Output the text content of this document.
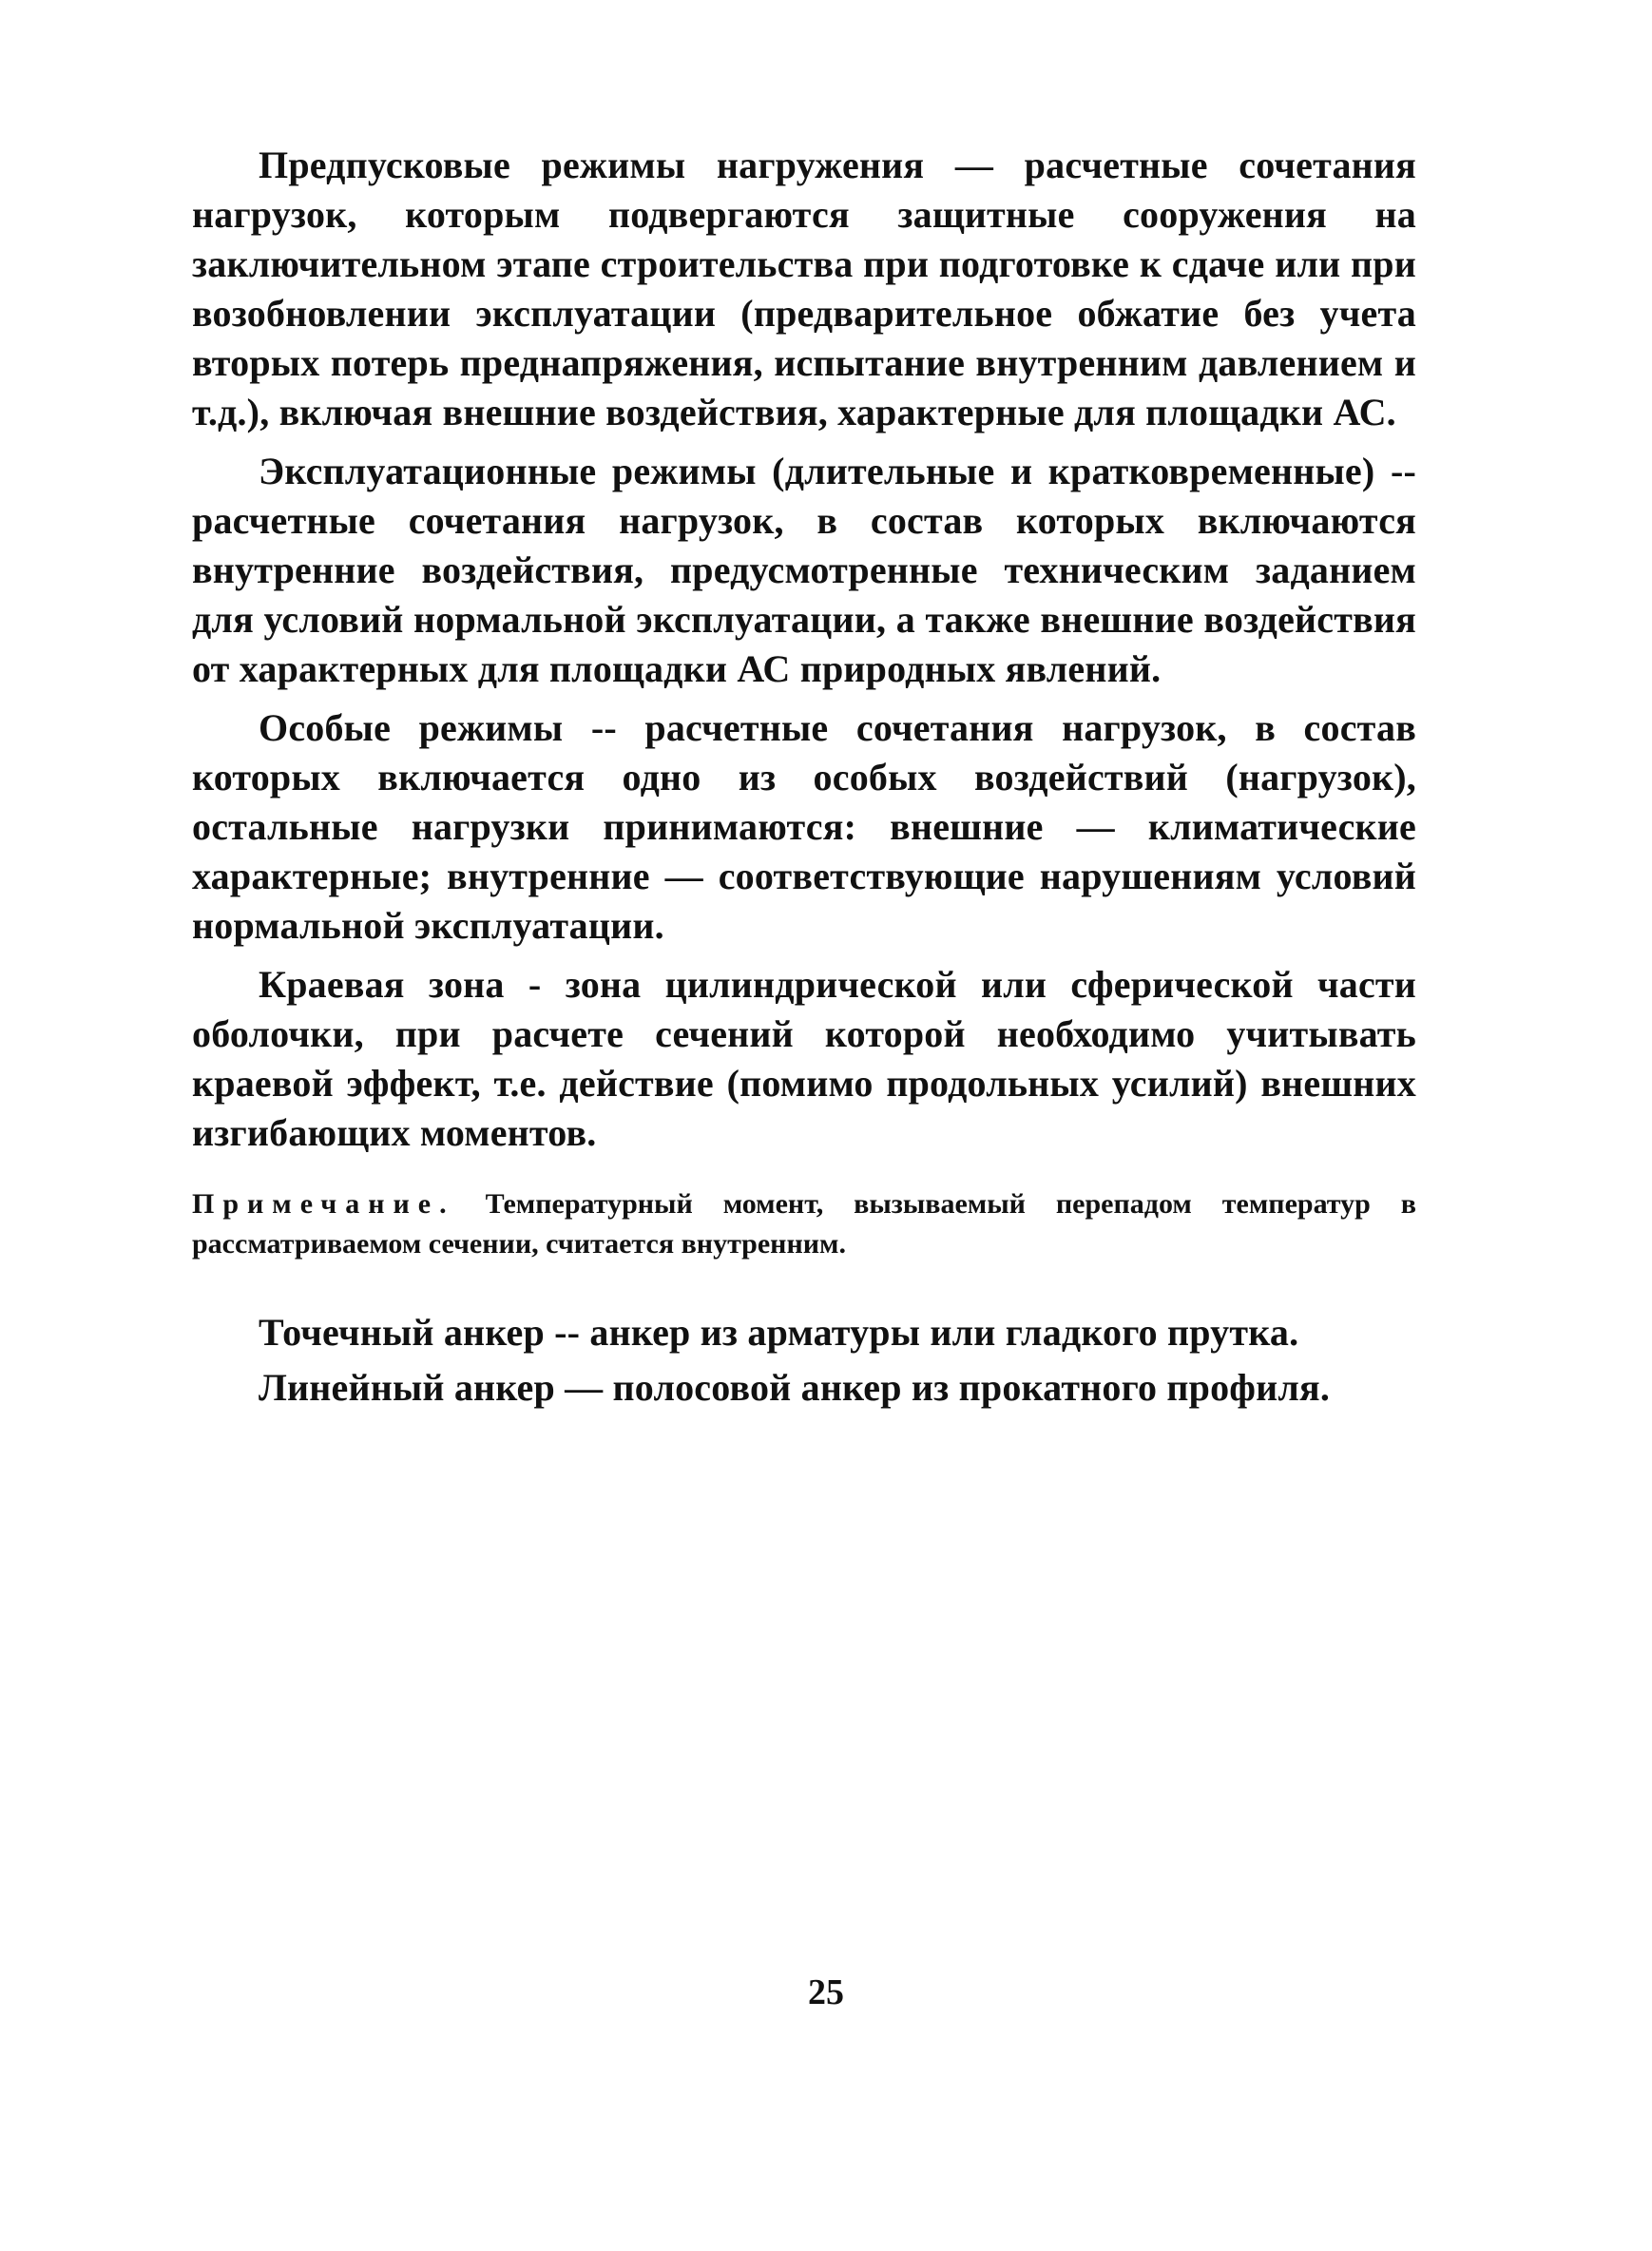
Предпусковые режимы нагружения — расчетные сочетания нагрузок, которым подвергаются защитные сооружения на заключительном этапе строительства при подготовке к сдаче или при возобновлении эксплуатации (предварительное обжатие без учета вторых потерь преднапряжения, испытание внутренним давлением и т.д.), включая внешние воздействия, характерные для площадки АС.

Эксплуатационные режимы (длительные и кратковременные) -- расчетные сочетания нагрузок, в состав которых включаются внутренние воздействия, предусмотренные техническим заданием для условий нормальной эксплуатации, а также внешние воздействия от характерных для площадки АС природных явлений.

Особые режимы -- расчетные сочетания нагрузок, в состав которых включается одно из особых воздействий (нагрузок), остальные нагрузки принимаются: внешние — климатические характерные; внутренние — соответствующие нарушениям условий нормальной эксплуатации.

Краевая зона - зона цилиндрической или сферической части оболочки, при расчете сечений которой необходимо учитывать краевой эффект, т.е. действие (помимо продольных усилий) внешних изгибающих моментов.

Примечание. Температурный момент, вызываемый перепадом температур в рассматриваемом сечении, считается внутренним.

Точечный анкер -- анкер из арматуры или гладкого прутка.

Линейный анкер — полосовой анкер из прокатного профиля.

25
